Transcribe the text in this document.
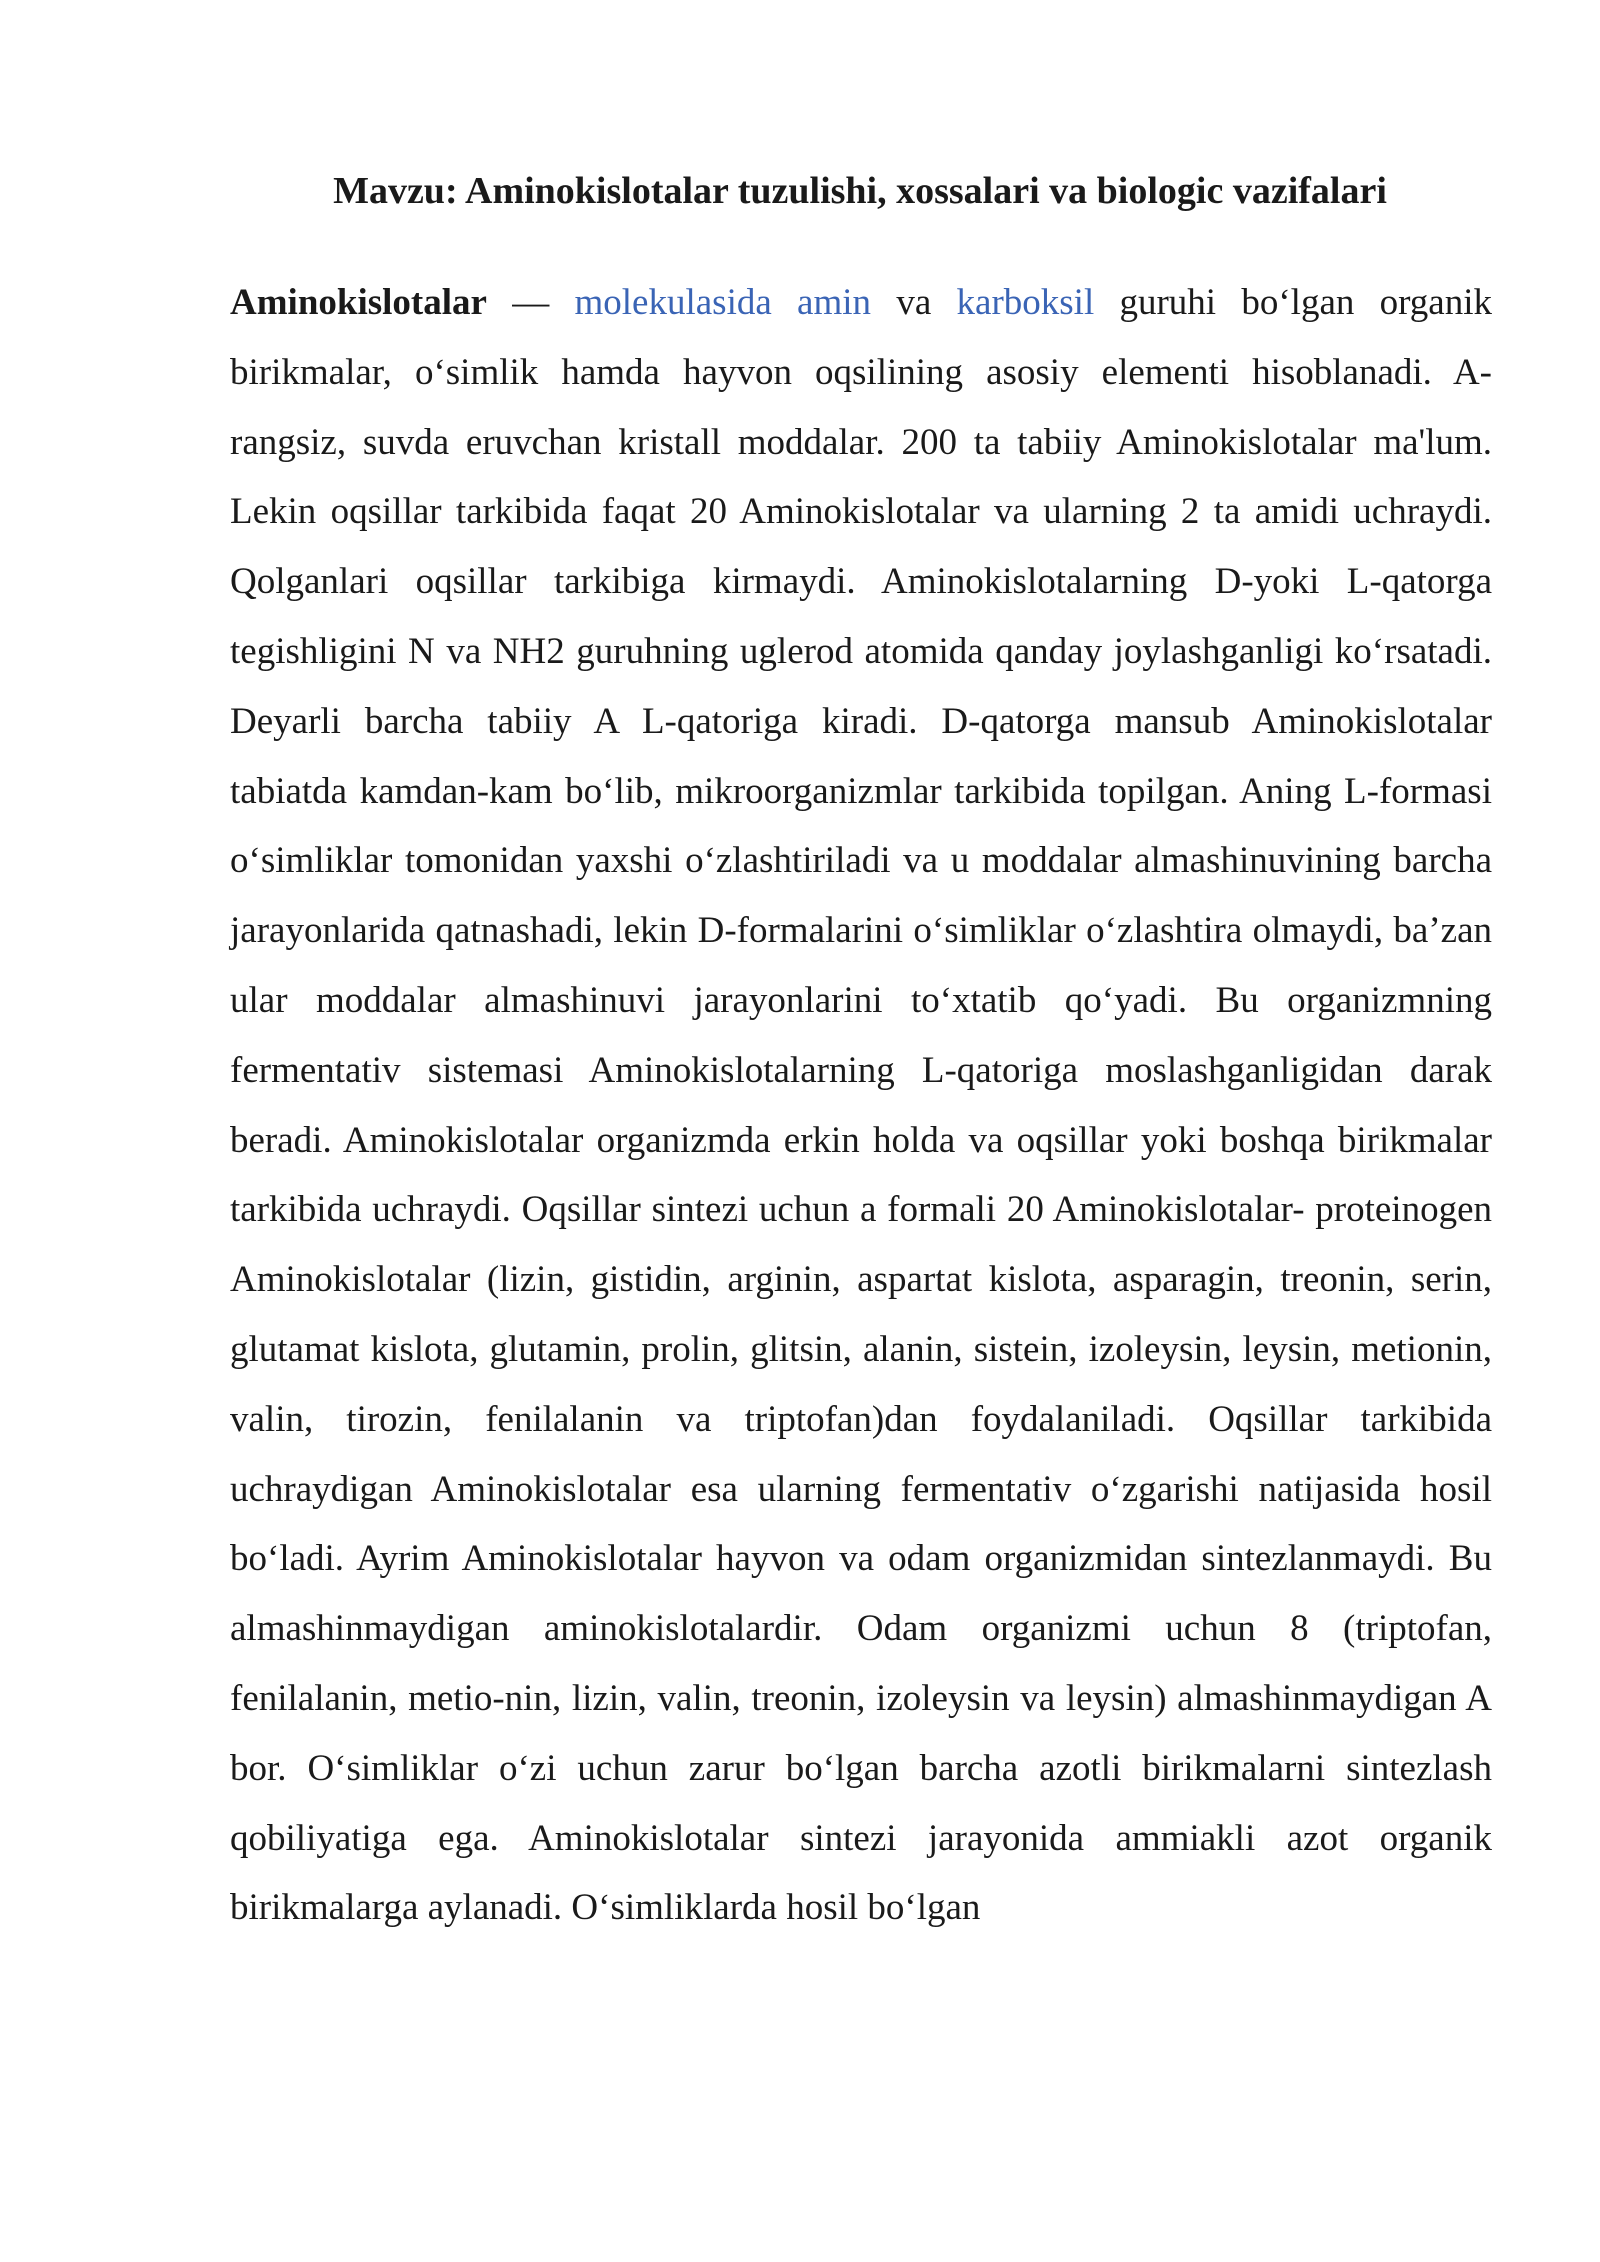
Mavzu: Aminokislotalar tuzulishi, xossalari va biologic vazifalari

Aminokislotalar — molekulasida amin va karboksil guruhi bo‘lgan organik birikmalar, o‘simlik hamda hayvon oqsilining asosiy elementi hisoblanadi. A-rangsiz, suvda eruvchan kristall moddalar. 200 ta tabiiy Aminokislotalar ma'lum. Lekin oqsillar tarkibida faqat 20 Aminokislotalar va ularning 2 ta amidi uchraydi. Qolganlari oqsillar tarkibiga kirmaydi. Aminokislotalarning D-yoki L-qatorga tegishligini N va NH2 guruhning uglerod atomida qanday joylashganligi ko‘rsatadi. Deyarli barcha tabiiy A L-qatoriga kiradi. D-qatorga mansub Aminokislotalar tabiatda kamdan-kam bo‘lib, mikroorganizmlar tarkibida topilgan. Aning L-formasi o‘simliklar tomonidan yaxshi o‘zlashtiriladi va u moddalar almashinuvining barcha jarayonlarida qatnashadi, lekin D-formalarini o‘simliklar o‘zlashtira olmaydi, ba’zan ular moddalar almashinuvi jarayonlarini to‘xtatib qo‘yadi. Bu organizmning fermentativ sistemasi Aminokislotalarning L-qatoriga moslashganligidan darak beradi. Aminokislotalar organizmda erkin holda va oqsillar yoki boshqa birikmalar tarkibida uchraydi. Oqsillar sintezi uchun a formali 20 Aminokislotalar- proteinogen Aminokislotalar (lizin, gistidin, arginin, aspartat kislota, asparagin, treonin, serin, glutamat kislota, glutamin, prolin, glitsin, alanin, sistein, izoleysin, leysin, metionin, valin, tirozin, fenilalanin va triptofan)dan foydalaniladi. Oqsillar tarkibida uchraydigan Aminokislotalar esa ularning fermentativ o‘zgarishi natijasida hosil bo‘ladi. Ayrim Aminokislotalar hayvon va odam organizmidan sintezlanmaydi. Bu almashinmaydigan aminokislotalardir. Odam organizmi uchun 8 (triptofan, fenilalanin, metio-nin, lizin, valin, treonin, izoleysin va leysin) almashinmaydigan A bor. O‘simliklar o‘zi uchun zarur bo‘lgan barcha azotli birikmalarni sintezlash qobiliyatiga ega. Aminokislotalar sintezi jarayonida ammiakli azot organik birikmalarga aylanadi. O‘simliklarda hosil bo‘lgan
